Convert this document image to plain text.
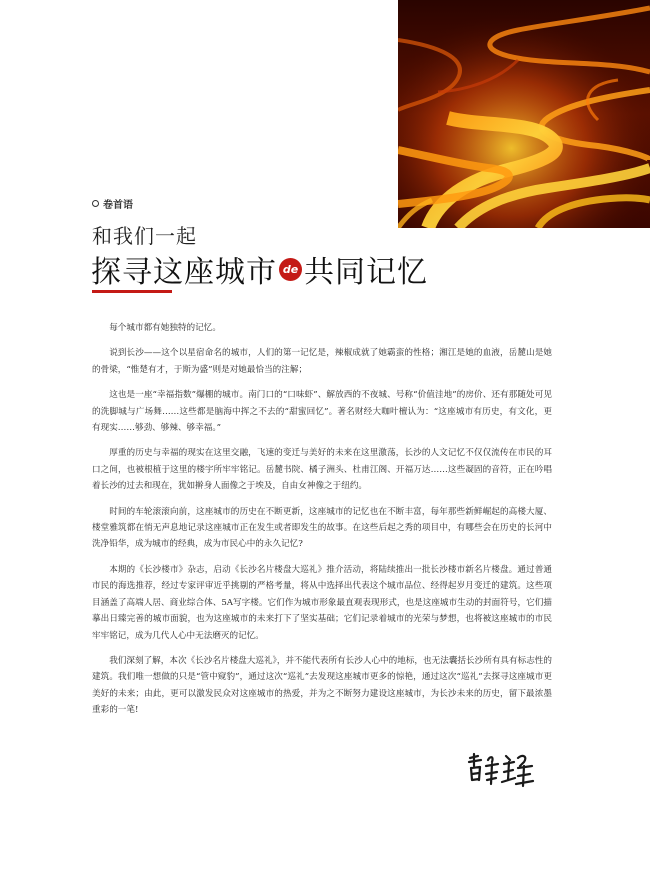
卷首语
和我们一起
探寻这座城市 de 共同记忆

每个城市都有她独特的记忆。

说到长沙——这个以星宿命名的城市，人们的第一记忆是，辣椒成就了她霸蛮的性格；湘江是她的血液，岳麓山是她的骨梁，“惟楚有才，于斯为盛”则是对她最恰当的注解；

这也是一座“幸福指数”爆棚的城市。南门口的“口味虾”、解放西的不夜城、号称“价值洼地”的房价、还有那随处可见的洗脚城与广场舞……这些都是脑海中挥之不去的“甜蜜回忆”。著名财经大咖叶檀认为：“这座城市有历史，有文化，更有现实……够劲、够辣、够幸福。”

厚重的历史与幸福的现实在这里交融，飞速的变迁与美好的未来在这里激荡，长沙的人文记忆不仅仅流传在市民的耳口之间，也被根植于这里的楼宇所牢牢铭记。岳麓书院、橘子洲头、杜甫江阁、开福万达……这些凝固的音符，正在吟唱着长沙的过去和现在，犹如擀身人面像之于埃及，自由女神像之于纽约。

时间的车轮滚滚向前，这座城市的历史在不断更新，这座城市的记忆也在不断丰富，每年那些新鲜崛起的高楼大厦、楼堂雅筑都在悄无声息地记录这座城市正在发生或者即发生的故事。在这些后起之秀的项目中，有哪些会在历史的长河中洗净铅华，成为城市的经典，成为市民心中的永久记忆?

本期的《长沙楼市》杂志，启动《长沙名片楼盘大巡礼》推介活动，将陆续推出一批长沙楼市新名片楼盘。通过普通市民的海选推荐，经过专家评审近乎挑剔的严格考量，将从中选择出代表这个城市品位、经得起岁月变迁的建筑。这些项目涵盖了高端人居、商业综合体、5A写字楼。它们作为城市形象最直观表现形式，也是这座城市生动的封面符号，它们描摹出日臻完善的城市面貌，也为这座城市的未来打下了坚实基础；它们记录着城市的光荣与梦想，也将被这座城市的市民牢牢铭记，成为几代人心中无法磨灭的记忆。

我们深刻了解，本次《长沙名片楼盘大巡礼》，并不能代表所有长沙人心中的地标，也无法囊括长沙所有具有标志性的建筑。我们唯一想做的只是“管中窥豹”，通过这次“巡礼”去发现这座城市更多的惊艳，通过这次“巡礼”去探寻这座城市更美好的未来；由此，更可以激发民众对这座城市的热爱，并为之不断努力建设这座城市，为长沙未来的历史，留下最浓墨重彩的一笔!
